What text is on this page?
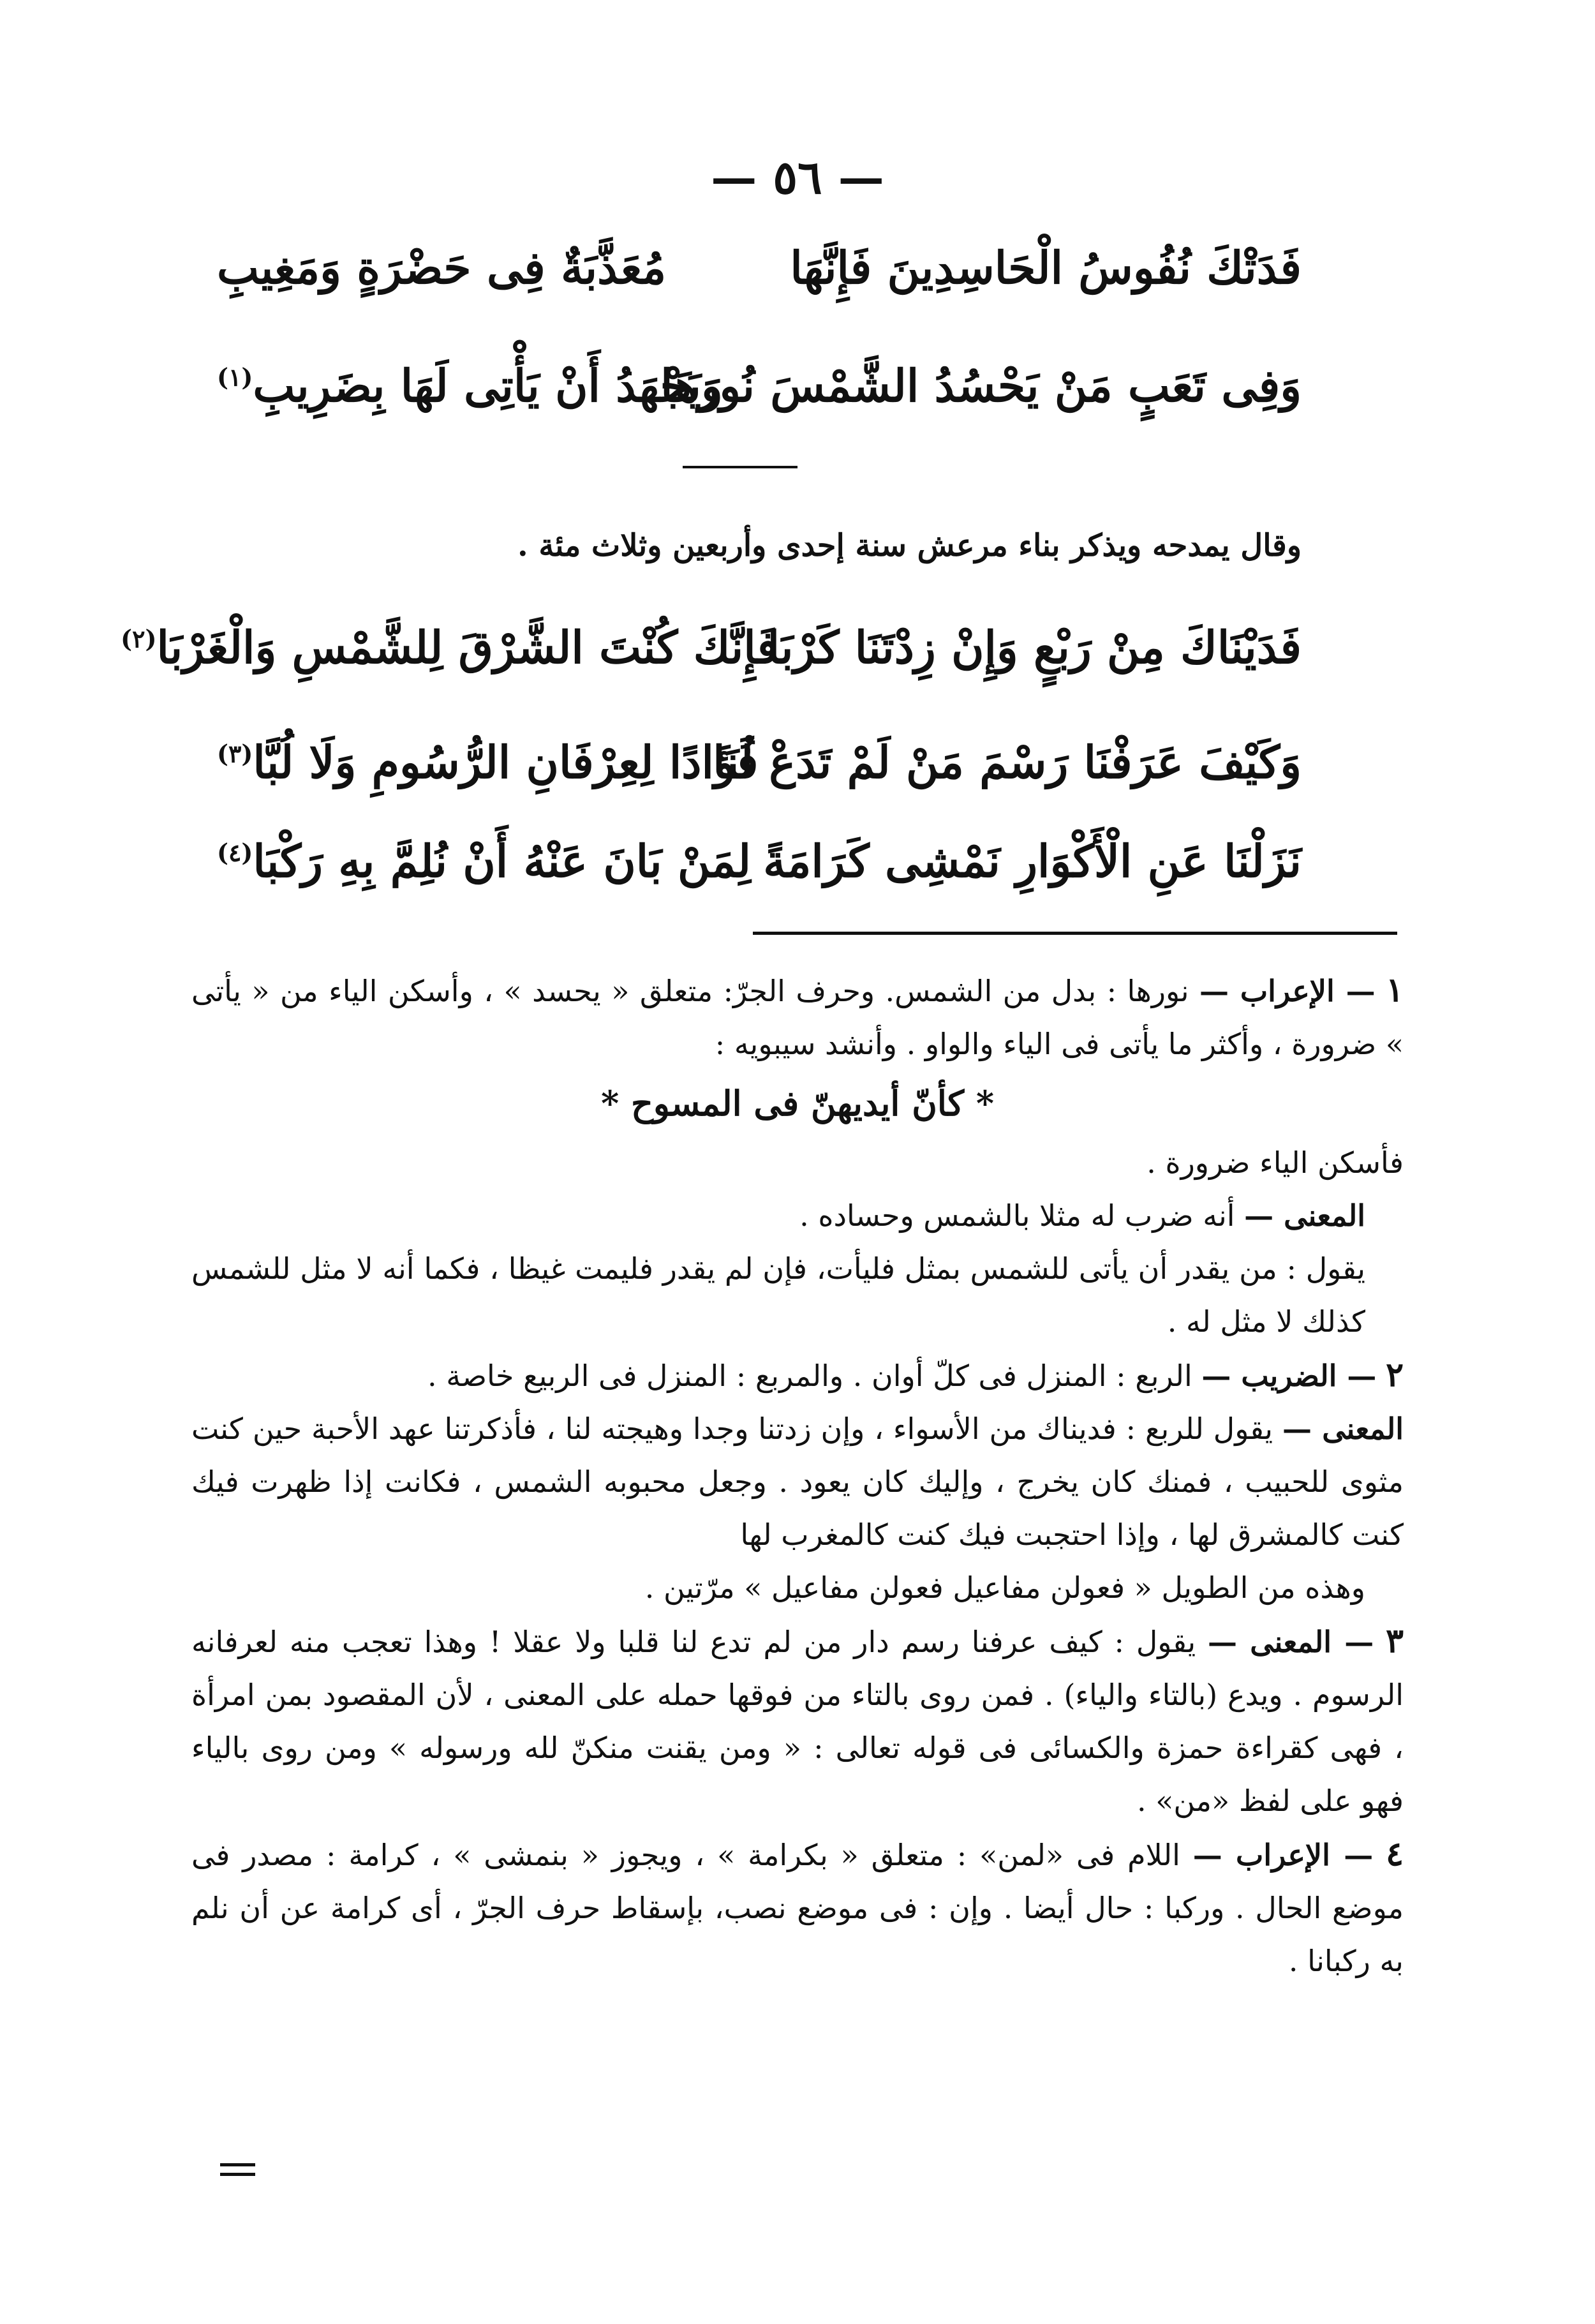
— ٥٦ —
فَدَتْكَ نُفُوسُ الْحَاسِدِينَ فَإِنَّهَا
مُعَذَّبَةٌ فِى حَضْرَةٍ وَمَغِيبِ
وَفِى تَعَبٍ مَنْ يَحْسُدُ الشَّمْسَ نُورَهَا
وَيَجْهَدُ أَنْ يَأْتِى لَهَا بِضَرِيبِ$^{(١)}$
وقال يمدحه ويذكر بناء مرعش سنة إحدى وأربعين وثلاث مئة .
فَدَيْنَاكَ مِنْ رَبْعٍ وَإِنْ زِدْتَنَا كَرْبَا
فَإِنَّكَ كُنْتَ الشَّرْقَ لِلشَّمْسِ وَالْغَرْبَا$^{(٢)}$
وَكَيْفَ عَرَفْنَا رَسْمَ مَنْ لَمْ تَدَعْ لَنَا
فُؤَادًا لِعِرْفَانِ الرُّسُومِ وَلَا لُبَّا$^{(٣)}$
نَزَلْنَا عَنِ الْأَكْوَارِ نَمْشِى كَرَامَةً
لِمَنْ بَانَ عَنْهُ أَنْ نُلِمَّ بِهِ رَكْبَا$^{(٤)}$

١ — الإعراب — نورها : بدل من الشمس. وحرف الجرّ: متعلق « يحسد » ، وأسكن الياء من « يأتى » ضرورة ، وأكثر ما يأتى فى الياء والواو . وأنشد سيبويه :

* كأنّ أيديهنّ فى المسوح *

فأسكن الياء ضرورة .

المعنى — أنه ضرب له مثلا بالشمس وحساده .

يقول : من يقدر أن يأتى للشمس بمثل فليأت، فإن لم يقدر فليمت غيظا ، فكما أنه لا مثل للشمس كذلك لا مثل له .

٢ — الضريب — الربع : المنزل فى كلّ أوان . والمربع : المنزل فى الربيع خاصة .

المعنى — يقول للربع : فديناك من الأسواء ، وإن زدتنا وجدا وهيجته لنا ، فأذكرتنا عهد الأحبة حين كنت مثوى للحبيب ، فمنك كان يخرج ، وإليك كان يعود . وجعل محبوبه الشمس ، فكانت إذا ظهرت فيك كنت كالمشرق لها ، وإذا احتجبت فيك كنت كالمغرب لها

وهذه من الطويل « فعولن مفاعيل فعولن مفاعيل » مرّتين .

٣ — المعنى — يقول : كيف عرفنا رسم دار من لم تدع لنا قلبا ولا عقلا ! وهذا تعجب منه لعرفانه الرسوم . ويدع (بالتاء والياء) . فمن روى بالتاء من فوقها حمله على المعنى ، لأن المقصود بمن امرأة ، فهى كقراءة حمزة والكسائى فى قوله تعالى : « ومن يقنت منكنّ لله ورسوله » ومن روى بالياء فهو على لفظ «من» .

٤ — الإعراب — اللام فى «لمن» : متعلق « بكرامة » ، ويجوز « بنمشى » ، كرامة : مصدر فى موضع الحال . وركبا : حال أيضا . وإن : فى موضع نصب، بإسقاط حرف الجرّ ، أى كرامة عن أن نلم به ركبانا .
